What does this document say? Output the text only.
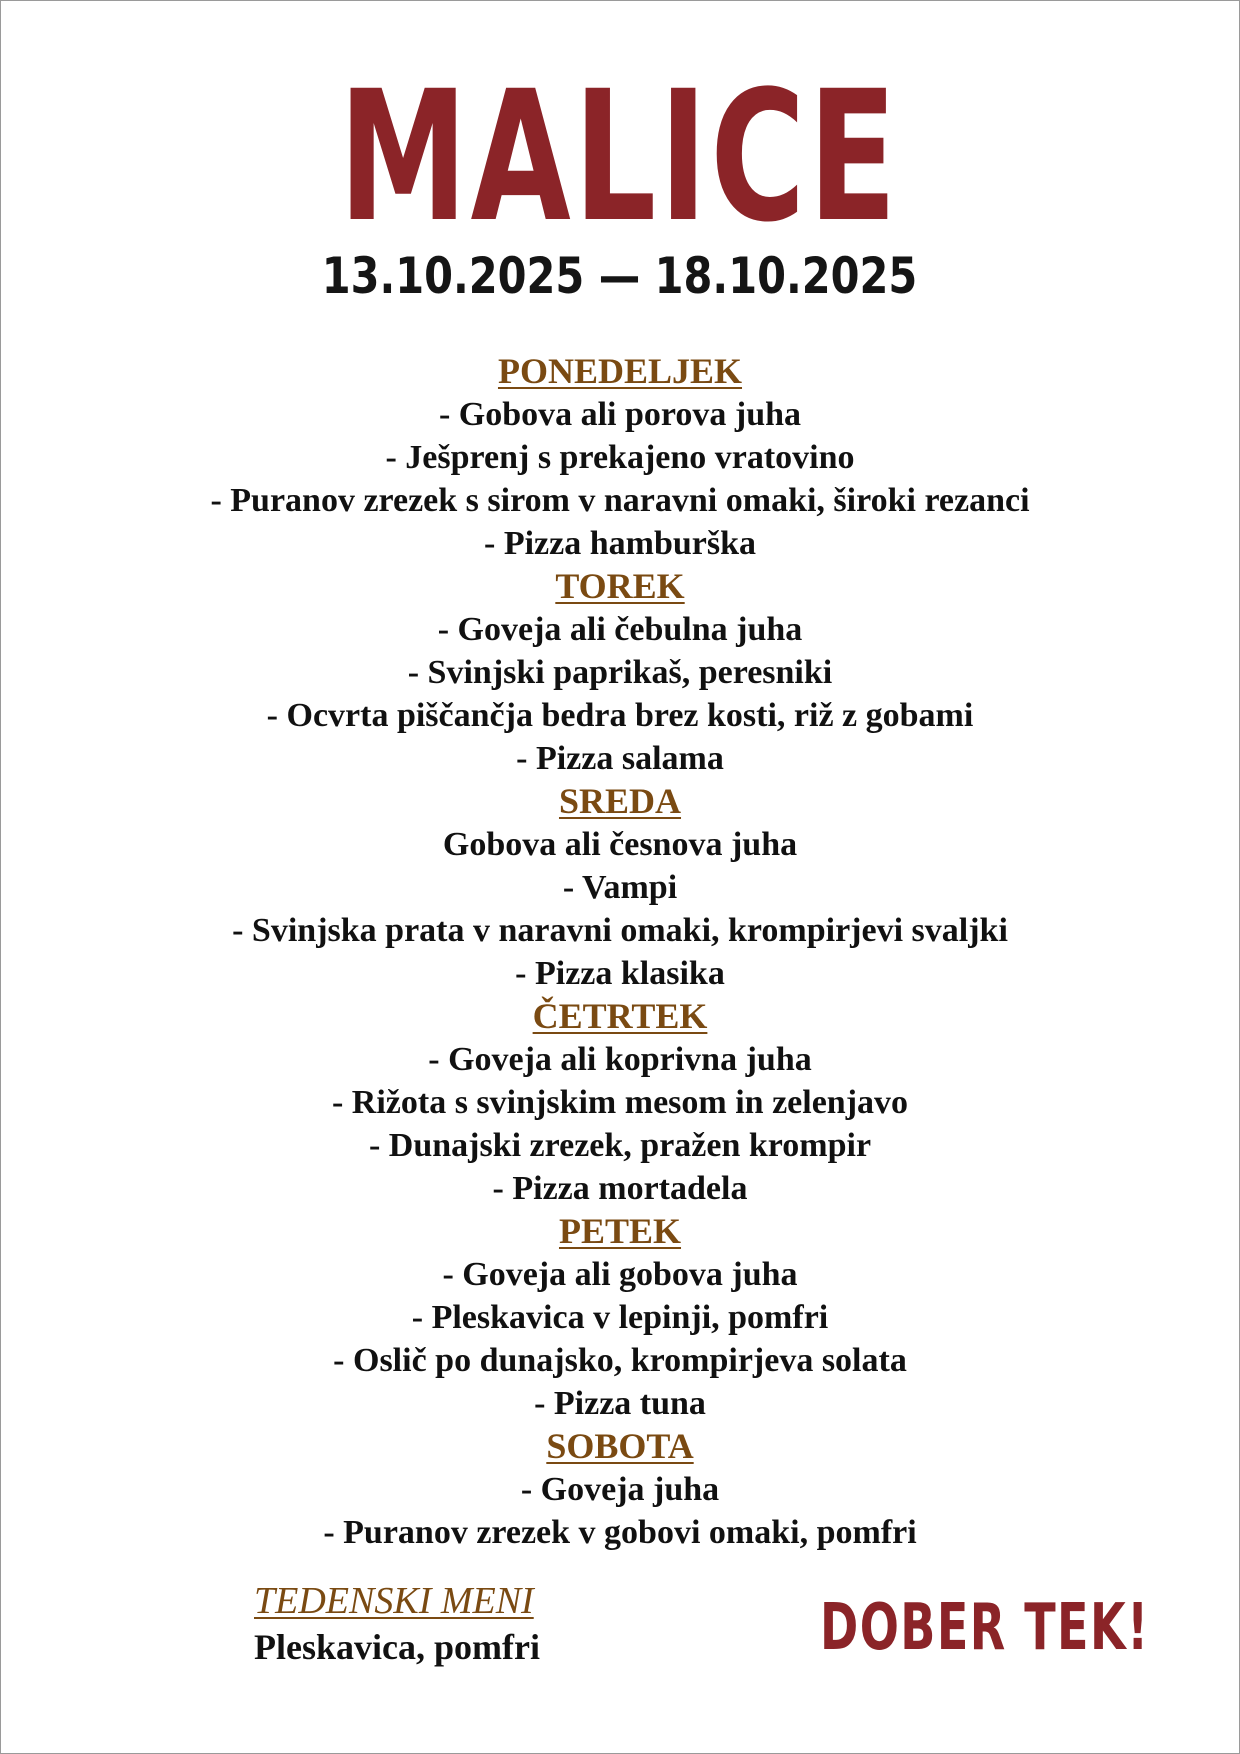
MALICE
13.10.2025 — 18.10.2025
PONEDELJEK
- Gobova ali porova juha
- Ješprenj s prekajeno vratovino
- Puranov zrezek s sirom v naravni omaki, široki rezanci
- Pizza hamburška
TOREK
- Goveja ali čebulna juha
- Svinjski paprikaš, peresniki
- Ocvrta piščančja bedra brez kosti, riž z gobami
- Pizza salama
SREDA
Gobova ali česnova juha
- Vampi
- Svinjska prata v naravni omaki, krompirjevi svaljki
- Pizza klasika
ČETRTEK
- Goveja ali koprivna juha
- Rižota s svinjskim mesom in zelenjavo
- Dunajski zrezek, pražen krompir
- Pizza mortadela
PETEK
- Goveja ali gobova juha
- Pleskavica v lepinji, pomfri
- Oslič po dunajsko, krompirjeva solata
- Pizza tuna
SOBOTA
- Goveja juha
- Puranov zrezek v gobovi omaki, pomfri
TEDENSKI MENI
Pleskavica, pomfri	DOBER TEK!
